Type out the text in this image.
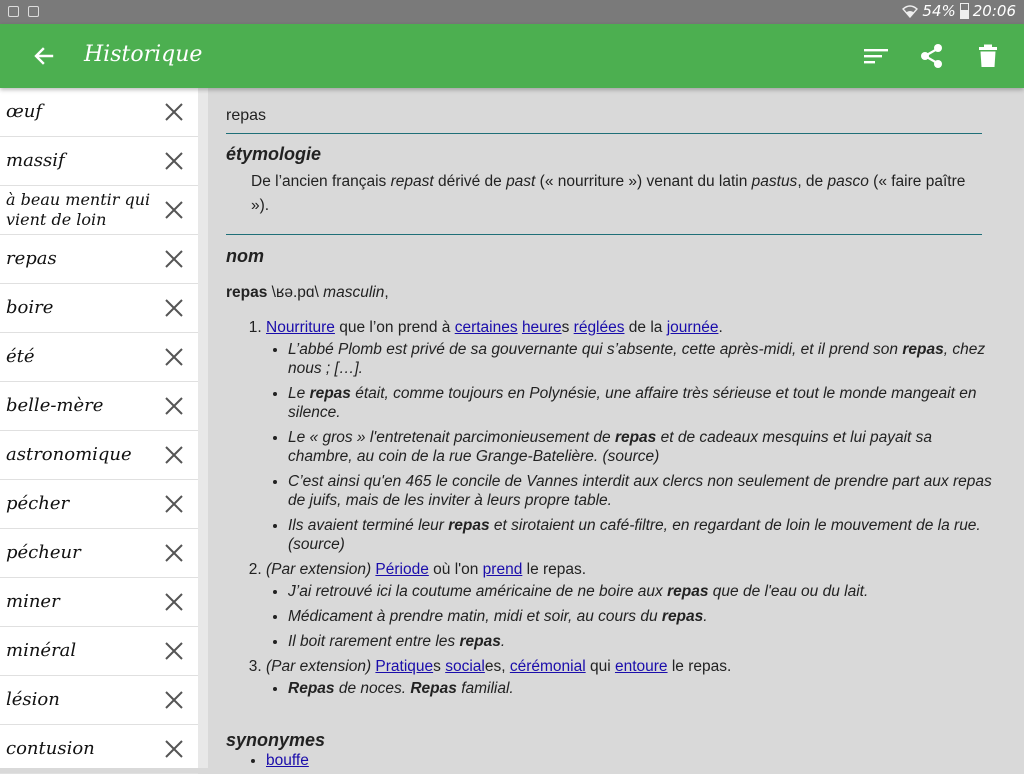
54% 20:06
Historique
œuf
massif
à beau mentir qui vient de loin
repas
boire
été
belle-mère
astronomique
pécher
pécheur
miner
minéral
lésion
contusion
repas
étymologie
De l’ancien français repast dérivé de past (« nourriture ») venant du latin pastus, de pasco (« faire paître »).
nom
repas \ʁə.pɑ\ masculin,
1. Nourriture que l’on prend à certaines heures réglées de la journée.
• L’abbé Plomb est privé de sa gouvernante qui s’absente, cette après-midi, et il prend son repas, chez nous ; […].
• Le repas était, comme toujours en Polynésie, une affaire très sérieuse et tout le monde mangeait en silence.
• Le « gros » l'entretenait parcimonieusement de repas et de cadeaux mesquins et lui payait sa chambre, au coin de la rue Grange-Batelière. (source)
• C’est ainsi qu'en 465 le concile de Vannes interdit aux clercs non seulement de prendre part aux repas de juifs, mais de les inviter à leurs propre table.
• Ils avaient terminé leur repas et sirotaient un café-filtre, en regardant de loin le mouvement de la rue. (source)
2. (Par extension) Période où l'on prend le repas.
• J’ai retrouvé ici la coutume américaine de ne boire aux repas que de l'eau ou du lait.
• Médicament à prendre matin, midi et soir, au cours du repas.
• Il boit rarement entre les repas.
3. (Par extension) Pratiques sociales, cérémonial qui entoure le repas.
• Repas de noces. Repas familial.
synonymes
• bouffe
